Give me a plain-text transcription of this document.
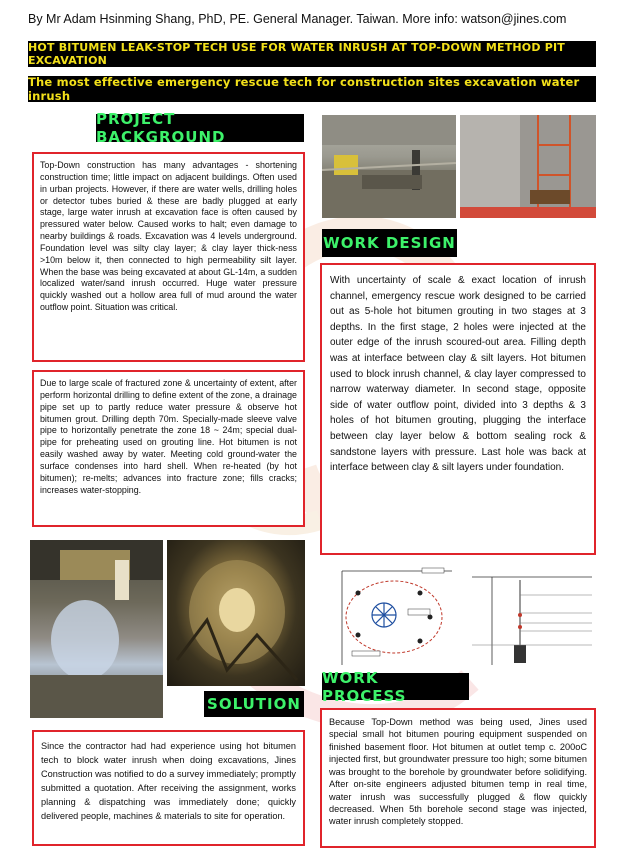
By Mr Adam Hsinming Shang, PhD, PE. General Manager. Taiwan. More info: watson@jines.com
HOT BITUMEN LEAK-STOP TECH USE FOR WATER INRUSH AT TOP-DOWN METHOD PIT EXCAVATION
The most effective emergency rescue tech for construction sites excavation water inrush
PROJECT BACKGROUND
Top-Down construction has many advantages - shortening construction time; little impact on adjacent buildings. Often used in urban projects. However, if there are water wells, drilling holes or detector tubes buried & these are badly plugged at early stage, large water inrush at excavation face is often caused by pressured water below. Caused works to halt; even damage to nearby buildings & roads. Excavation was 4 levels underground. Foundation level was silty clay layer; & clay layer thick-ness >10m below it, then connected to high permeability silt layer. When the base was being excavated at about GL-14m, a sudden localized water/sand inrush occurred. Huge water pressure quickly washed out a hollow area full of mud around the water outflow point. Situation was critical.
Due to large scale of fractured zone & uncertainty of extent, after perform horizontal drilling to define extent of the zone, a drainage pipe set up to partly reduce water pressure & observe hot bitumen grout. Drilling depth 70m. Specially-made sleeve valve pipe to horizontally penetrate the zone 18 ~ 24m; special dual-pipe for preheating used on grouting line. Hot bitumen is not easily washed away by water. Meeting cold ground-water the surface condenses into hard shell. When re-heated (by hot bitumen); re-melts; advances into fracture zone; fills cracks; increases water-stopping.
WORK DESIGN
With uncertainty of scale & exact location of inrush channel, emergency rescue work designed to be carried out as 5-hole hot bitumen grouting in two stages at 3 depths. In the first stage, 2 holes were injected at the outer edge of the inrush scoured-out area. Filling depth was at interface between clay & silt layers. Hot bitumen used to block inrush channel, & clay layer compressed to narrow waterway diameter. In second stage, opposite side of water outflow point, divided into 3 depths & 3 holes of hot bitumen grouting, plugging the interface between clay layer below & bottom sealing rock & sandstone layers with pressure. Last hole was back at interface between clay & silt layers under foundation.
SOLUTION
Since the contractor had had experience using hot bitumen tech to block water inrush when doing excavations, Jines Construction was notified to do a survey immediately; promptly submitted a quotation. After receiving the assignment, works planning & dispatching was immediately done; quickly delivered people, machines & materials to site for operation.
WORK PROCESS
Because Top-Down method was being used, Jines used special small hot bitumen pouring equipment suspended on finished basement floor. Hot bitumen at outlet temp c. 200oC injected first, but groundwater pressure too high; some bitumen was brought to the borehole by groundwater before solidifying. After on-site engineers adjusted bitumen temp in real time, water inrush was successfully plugged & flow quickly decreased. When 5th borehole second stage was injected, water inrush completely stopped.
